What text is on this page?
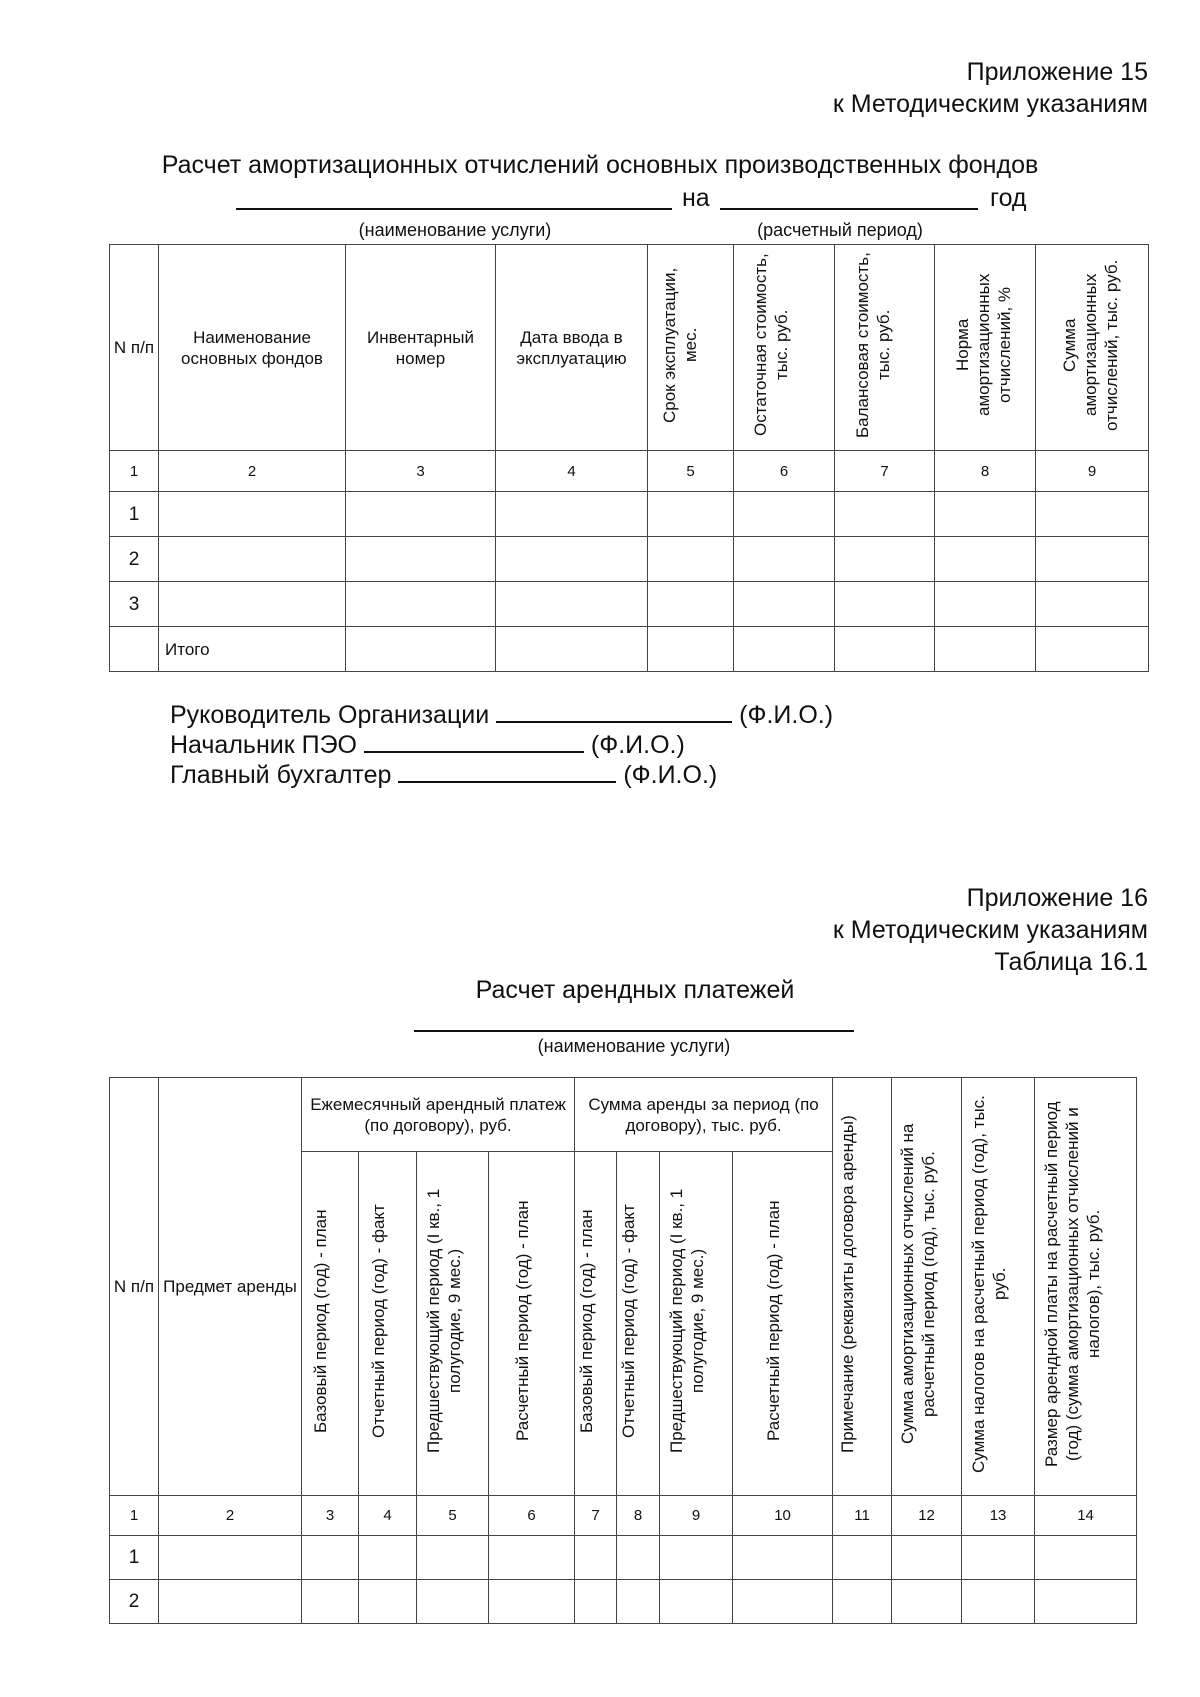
Приложение 15
к Методическим указаниям
Расчет амортизационных отчислений основных производственных фондов
на	год
(наименование услуги)	(расчетный период)
N п/п	Наименование основных фондов	Инвентарный номер	Дата ввода в эксплуатацию	Срок эксплуатации, мес.	Остаточная стоимость, тыс. руб.	Балансовая стоимость, тыс. руб.	Норма амортизационных отчислений, %	Сумма амортизационных отчислений, тыс. руб.
1	2	3	4	5	6	7	8	9
1								
2								
3								
	Итого							
Руководитель Организации	(Ф.И.О.)
Начальник ПЭО	(Ф.И.О.)
Главный бухгалтер	(Ф.И.О.)
Приложение 16
к Методическим указаниям
Таблица 16.1
Расчет арендных платежей
(наименование услуги)
N п/п	Предмет аренды	Ежемесячный арендный платеж (по договору), руб.				Сумма аренды за период (по договору), тыс. руб.				Примечание (реквизиты договора аренды)	Сумма амортизационных отчислений на расчетный период (год), тыс. руб.	Сумма налогов на расчетный период (год), тыс. руб.	Размер арендной платы на расчетный период (год) (сумма амортизационных отчислений и налогов), тыс. руб.
		Базовый период (год) - план	Отчетный период (год) - факт	Предшествующий период (I кв., 1 полугодие, 9 мес.)	Расчетный период (год) - план	Базовый период (год) - план	Отчетный период (год) - факт	Предшествующий период (I кв., 1 полугодие, 9 мес.)	Расчетный период (год) - план				
1	2	3	4	5	6	7	8	9	10	11	12	13	14
1													
2													
